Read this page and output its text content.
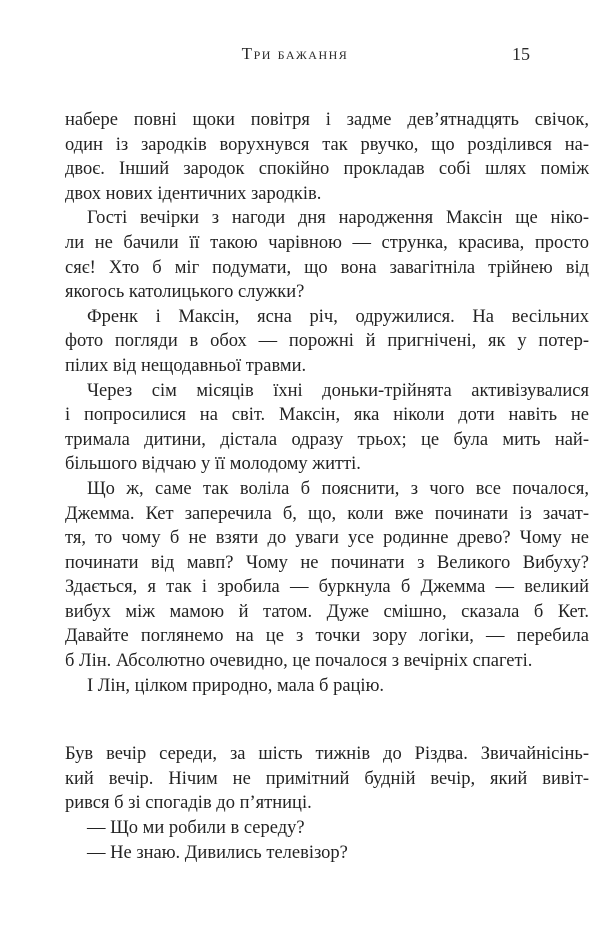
Три бажання	15
набере повні щоки повітря і задме дев’ятнадцять свічок,
один із зародків ворухнувся так рвучко, що розділився на-
двоє. Інший зародок спокійно прокладав собі шлях поміж
двох нових ідентичних зародків.
Гості вечірки з нагоди дня народження Максін ще ніко-
ли не бачили її такою чарівною — струнка, красива, просто
сяє! Хто б міг подумати, що вона завагітніла трійнею від
якогось католицького служки?
Френк і Максін, ясна річ, одружилися. На весільних
фото погляди в обох — порожні й пригнічені, як у потер-
пілих від нещодавньої травми.
Через сім місяців їхні доньки-трійнята активізувалися
і попросилися на світ. Максін, яка ніколи доти навіть не
тримала дитини, дістала одразу трьох; це була мить най-
більшого відчаю у її молодому житті.
Що ж, саме так воліла б пояснити, з чого все почалося,
Джемма. Кет заперечила б, що, коли вже починати із зачат-
тя, то чому б не взяти до уваги усе родинне древо? Чому не
починати від мавп? Чому не починати з Великого Вибуху?
Здається, я так і зробила — буркнула б Джемма — великий
вибух між мамою й татом. Дуже смішно, сказала б Кет.
Давайте поглянемо на це з точки зору логіки, — перебила
б Лін. Абсолютно очевидно, це почалося з вечірніх спагеті.
І Лін, цілком природно, мала б рацію.
Був вечір середи, за шість тижнів до Різдва. Звичайнісінь-
кий вечір. Нічим не примітний будній вечір, який вивіт-
рився б зі спогадів до п’ятниці.
— Що ми робили в середу?
— Не знаю. Дивились телевізор?
